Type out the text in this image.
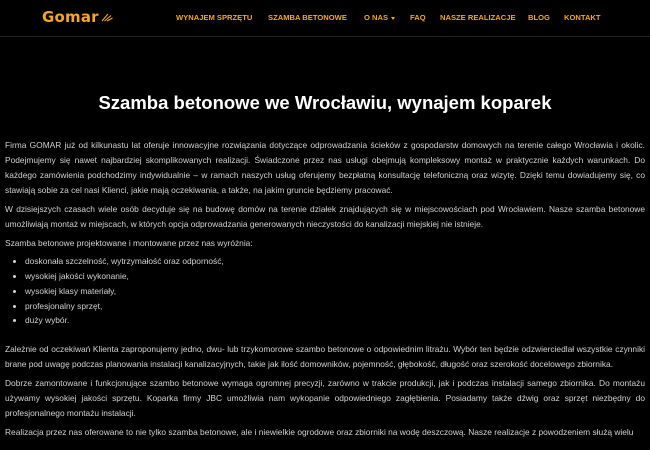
Gomar	WYNAJEM SPRZĘTU SZAMBA BETONOWE O NAS	FAQ NASZE REALIZACJE BLOG KONTAKT
Szamba betonowe we Wrocławiu, wynajem koparek

Firma GOMAR już od kilkunastu lat oferuje innowacyjne rozwiązania dotyczące odprowadzania ścieków z gospodarstw domowych na terenie całego Wrocławia i okolic. Podejmujemy się nawet najbardziej skomplikowanych realizacji. Świadczone przez nas usługi obejmują kompleksowy montaż w praktycznie każdych warunkach. Do każdego zamówienia podchodzimy indywidualnie – w ramach naszych usług oferujemy bezpłatną konsultację telefoniczną oraz wizytę. Dzięki temu dowiadujemy się, co stawiają sobie za cel nasi Klienci, jakie mają oczekiwania, a także, na jakim gruncie będziemy pracować.

W dzisiejszych czasach wiele osób decyduje się na budowę domów na terenie działek znajdujących się w miejscowościach pod Wrocławiem. Nasze szamba betonowe umożliwiają montaż w miejscach, w których opcja odprowadzania generowanych nieczystości do kanalizacji miejskiej nie istnieje.

Szamba betonowe projektowane i montowane przez nas wyróżnia:

• doskonała szczelność, wytrzymałość oraz odporność,
• wysokiej jakości wykonanie,
• wysokiej klasy materiały,
• profesjonalny sprzęt,
• duży wybór.

Zależnie od oczekiwań Klienta zaproponujemy jedno, dwu- lub trzykomorowe szambo betonowe o odpowiednim litrażu. Wybór ten będzie odzwierciedlał wszystkie czynniki brane pod uwagę podczas planowania instalacji kanalizacyjnych, takie jak ilość domowników, pojemność, głębokość, długość oraz szerokość docelowego zbiornika.

Dobrze zamontowane i funkcjonujące szambo betonowe wymaga ogromnej precyzji, zarówno w trakcie produkcji, jak i podczas instalacji samego zbiornika. Do montażu używamy wysokiej jakości sprzętu. Koparka firmy JBC umożliwia nam wykopanie odpowiedniego zagłębienia. Posiadamy także dźwig oraz sprzęt niezbędny do profesjonalnego montażu instalacji.

Realizacja przez nas oferowane to nie tylko szamba betonowe, ale i niewielkie ogrodowe oraz zbiorniki na wodę deszczową. Nasze realizacje z powodzeniem służą wielu
